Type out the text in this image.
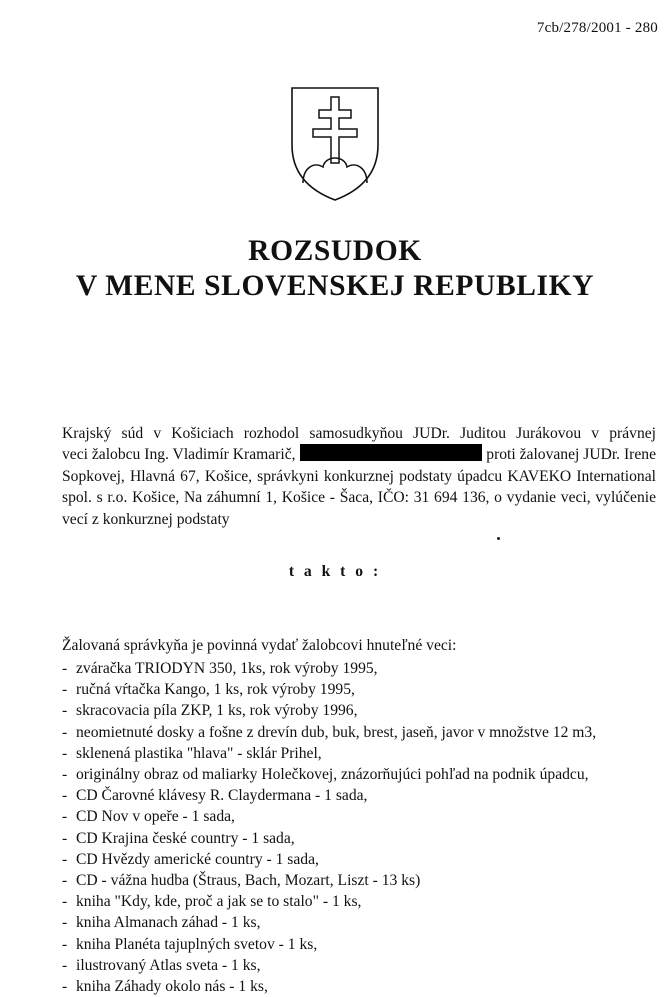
7cb/278/2001 - 280
ROZSUDOK
V MENE SLOVENSKEJ REPUBLIKY
Krajský súd v Košiciach rozhodol samosudkyňou JUDr. Juditou Jurákovou v právnej
veci žalobcu Ing. Vladimír Kramarič,	proti žalovanej JUDr. Irene
Sopkovej, Hlavná 67, Košice, správkyni konkurznej podstaty úpadcu KAVEKO International
spol. s r.o. Košice, Na záhumní 1, Košice - Šaca, IČO: 31 694 136, o vydanie veci, vylúčenie
vecí z konkurznej podstaty
t a k t o :
Žalovaná správkyňa je povinná vydať žalobcovi hnuteľné veci:
- zváračka TRIODYN 350, 1ks, rok výroby 1995,
- ručná vŕtačka Kango, 1 ks, rok výroby 1995,
- skracovacia píla ZKP, 1 ks, rok výroby 1996,
- neomietnuté dosky a fošne z drevín dub, buk, brest, jaseň, javor v množstve 12 m3,
- sklenená plastika "hlava" - sklár Prihel,
- originálny obraz od maliarky Holečkovej, znázorňujúci pohľad na podnik úpadcu,
- CD Čarovné klávesy R. Claydermana - 1 sada,
- CD Nov v opeře - 1 sada,
- CD Krajina české country - 1 sada,
- CD Hvězdy americké country - 1 sada,
- CD - vážna hudba (Štraus, Bach, Mozart, Liszt - 13 ks)
- kniha "Kdy, kde, proč a jak se to stalo" - 1 ks,
- kniha Almanach záhad - 1 ks,
- kniha Planéta tajuplných svetov - 1 ks,
- ilustrovaný Atlas sveta - 1 ks,
- kniha Záhady okolo nás - 1 ks,
